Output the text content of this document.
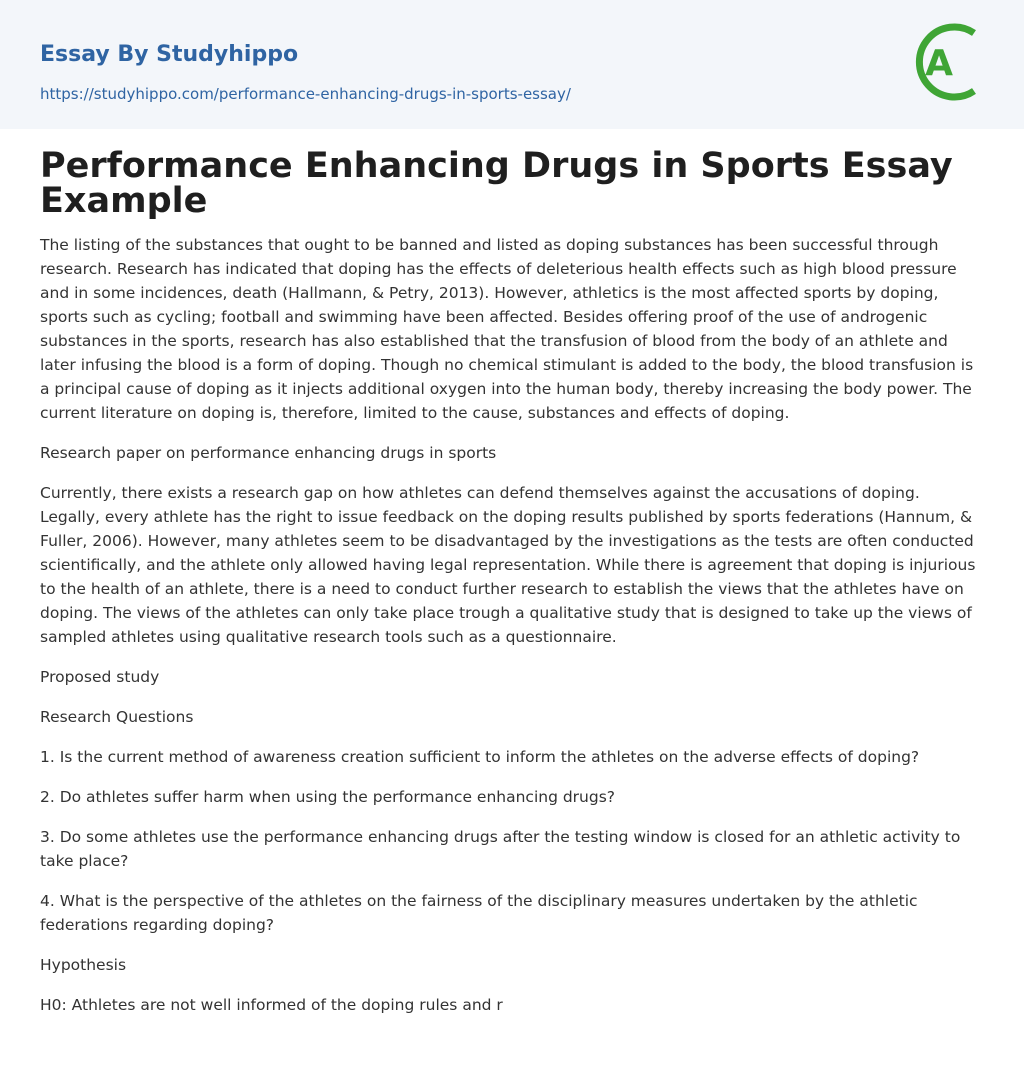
Essay By Studyhippo
https://studyhippo.com/performance-enhancing-drugs-in-sports-essay/
A
Performance Enhancing Drugs in Sports Essay Example

The listing of the substances that ought to be banned and listed as doping substances has been successful through research. Research has indicated that doping has the effects of deleterious health effects such as high blood pressure and in some incidences, death (Hallmann, & Petry, 2013). However, athletics is the most affected sports by doping, sports such as cycling; football and swimming have been affected. Besides offering proof of the use of androgenic substances in the sports, research has also established that the transfusion of blood from the body of an athlete and later infusing the blood is a form of doping. Though no chemical stimulant is added to the body, the blood transfusion is a principal cause of doping as it injects additional oxygen into the human body, thereby increasing the body power. The current literature on doping is, therefore, limited to the cause, substances and effects of doping.

Research paper on performance enhancing drugs in sports

Currently, there exists a research gap on how athletes can defend themselves against the accusations of doping. Legally, every athlete has the right to issue feedback on the doping results published by sports federations (Hannum, & Fuller, 2006). However, many athletes seem to be disadvantaged by the investigations as the tests are often conducted scientifically, and the athlete only allowed having legal representation. While there is agreement that doping is injurious to the health of an athlete, there is a need to conduct further research to establish the views that the athletes have on doping. The views of the athletes can only take place trough a qualitative study that is designed to take up the views of sampled athletes using qualitative research tools such as a questionnaire.

Proposed study

Research Questions

1. Is the current method of awareness creation sufficient to inform the athletes on the adverse effects of doping?

2. Do athletes suffer harm when using the performance enhancing drugs?

3. Do some athletes use the performance enhancing drugs after the testing window is closed for an athletic activity to take place?

4. What is the perspective of the athletes on the fairness of the disciplinary measures undertaken by the athletic federations regarding doping?

Hypothesis

H0: Athletes are not well informed of the doping rules and r
